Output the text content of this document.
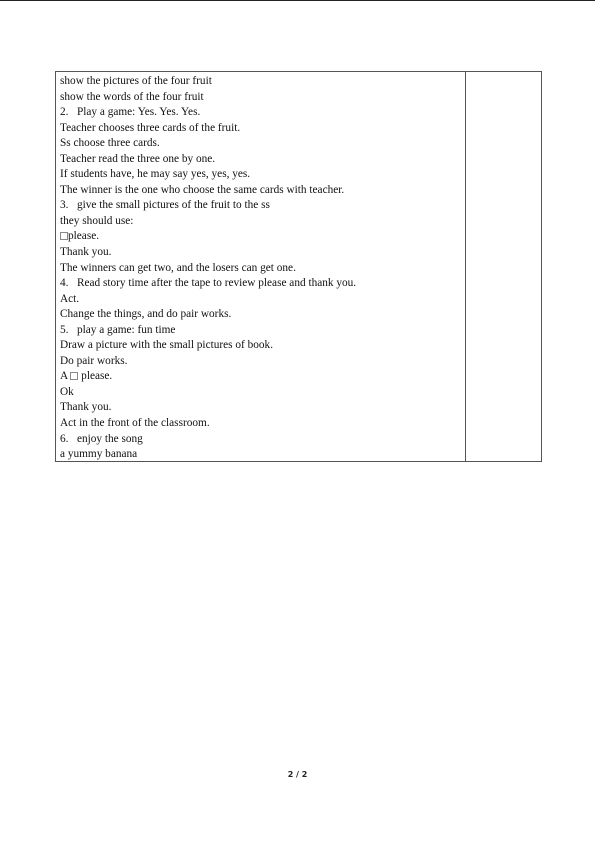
show the pictures of the four fruit
show the words of the four fruit
2.   Play a game: Yes. Yes. Yes.
Teacher chooses three cards of the fruit.
Ss choose three cards.
Teacher read the three one by one.
If students have, he may say yes, yes, yes.
The winner is the one who choose the same cards with teacher.
3.   give the small pictures of the fruit to the ss
they should use:
please.
Thank you.
The winners can get two, and the losers can get one.
4.   Read story time after the tape to review please and thank you.
Act.
Change the things, and do pair works.
5.   play a game: fun time
Draw a picture with the small pictures of book.
Do pair works.
A  please.
Ok
Thank you.
Act in the front of the classroom.
6.   enjoy the song
a yummy banana
2 / 2
